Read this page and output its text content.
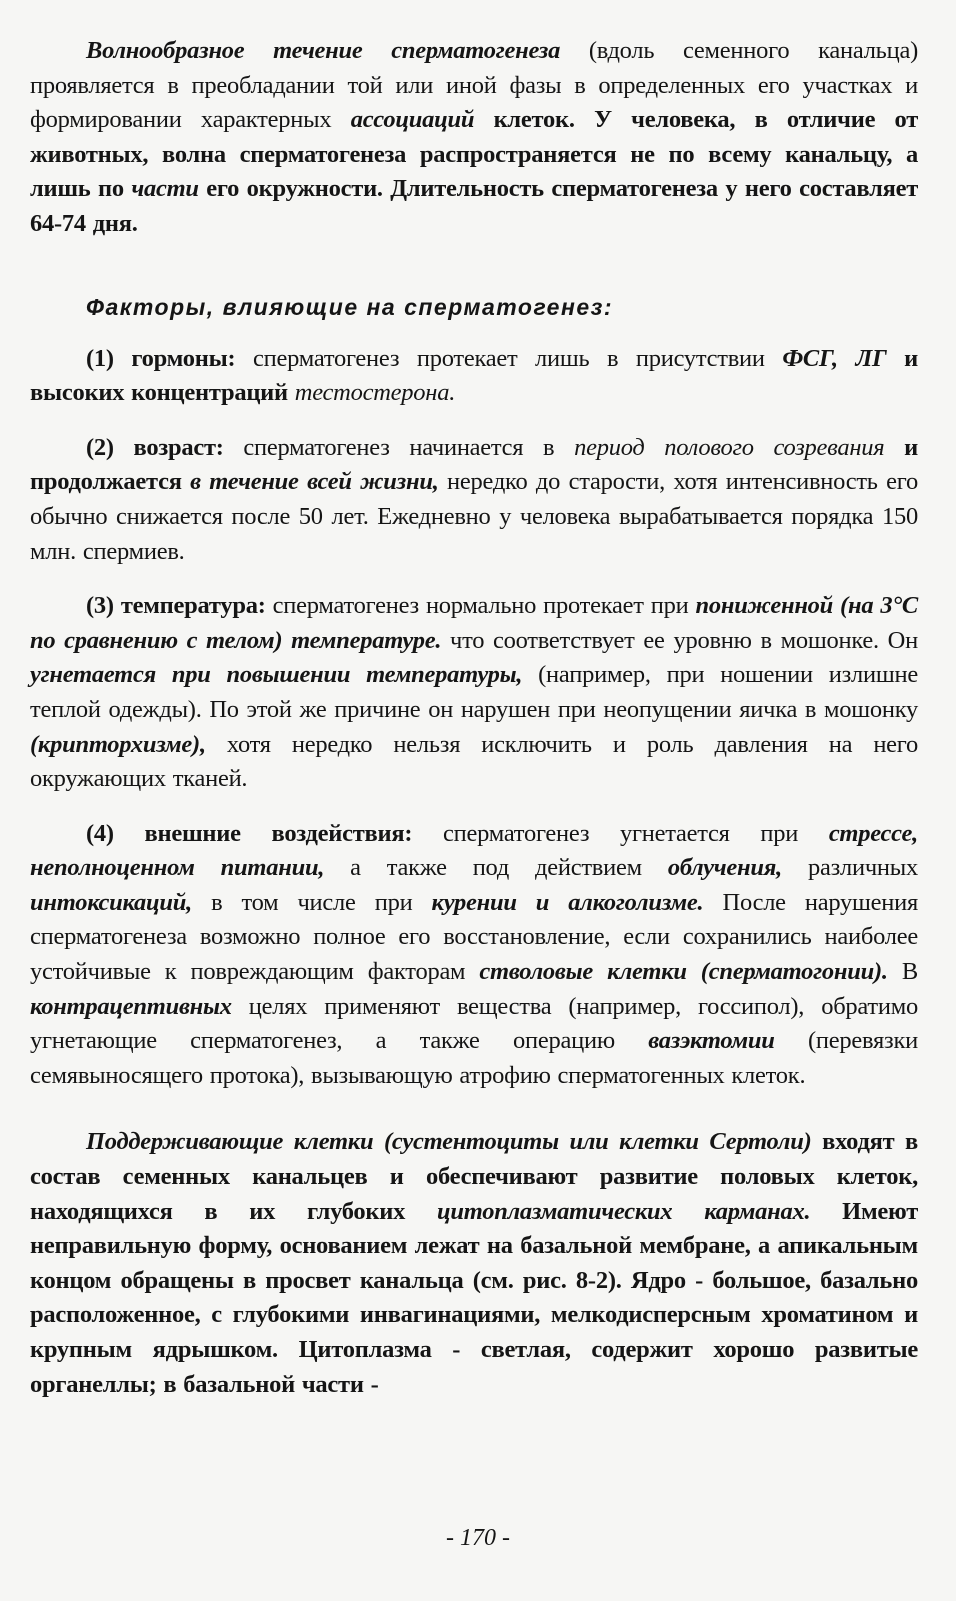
Волнообразное течение сперматогенеза (вдоль семенного канальца) проявляется в преобладании той или иной фазы в определенных его участках и формировании характерных ассоциаций клеток. У человека, в отличие от животных, волна сперматогенеза распространяется не по всему канальцу, а лишь по части его окружности. Длительность сперматогенеза у него составляет 64-74 дня.

Факторы, влияющие на сперматогенез:

(1) гормоны: сперматогенез протекает лишь в присутствии ФСГ, ЛГ и высоких концентраций тестостерона.

(2) возраст: сперматогенез начинается в период полового созревания и продолжается в течение всей жизни, нередко до старости, хотя интенсивность его обычно снижается после 50 лет. Ежедневно у человека вырабатывается порядка 150 млн. спермиев.

(3) температура: сперматогенез нормально протекает при пониженной (на 3°С по сравнению с телом) температуре. что соответствует ее уровню в мошонке. Он угнетается при повышении температуры, (например, при ношении излишне теплой одежды). По этой же причине он нарушен при неопущении яичка в мошонку (крипторхизме), хотя нередко нельзя исключить и роль давления на него окружающих тканей.

(4) внешние воздействия: сперматогенез угнетается при стрессе, неполноценном питании, а также под действием облучения, различных интоксикаций, в том числе при курении и алкоголизме. После нарушения сперматогенеза возможно полное его восстановление, если сохранились наиболее устойчивые к повреждающим факторам стволовые клетки (сперматогонии). В контрацептивных целях применяют вещества (например, госсипол), обратимо угнетающие сперматогенез, а также операцию вазэктомии (перевязки семявыносящего протока), вызывающую атрофию сперматогенных клеток.

Поддерживающие клетки (сустентоциты или клетки Сертоли) входят в состав семенных канальцев и обеспечивают развитие половых клеток, находящихся в их глубоких цитоплазматических карманах. Имеют неправильную форму, основанием лежат на базальной мембране, а апикальным концом обращены в просвет канальца (см. рис. 8-2). Ядро - большое, базально расположенное, с глубокими инвагинациями, мелкодисперсным хроматином и крупным ядрышком. Цитоплазма - светлая, содержит хорошо развитые органеллы; в базальной части -

- 170 -
